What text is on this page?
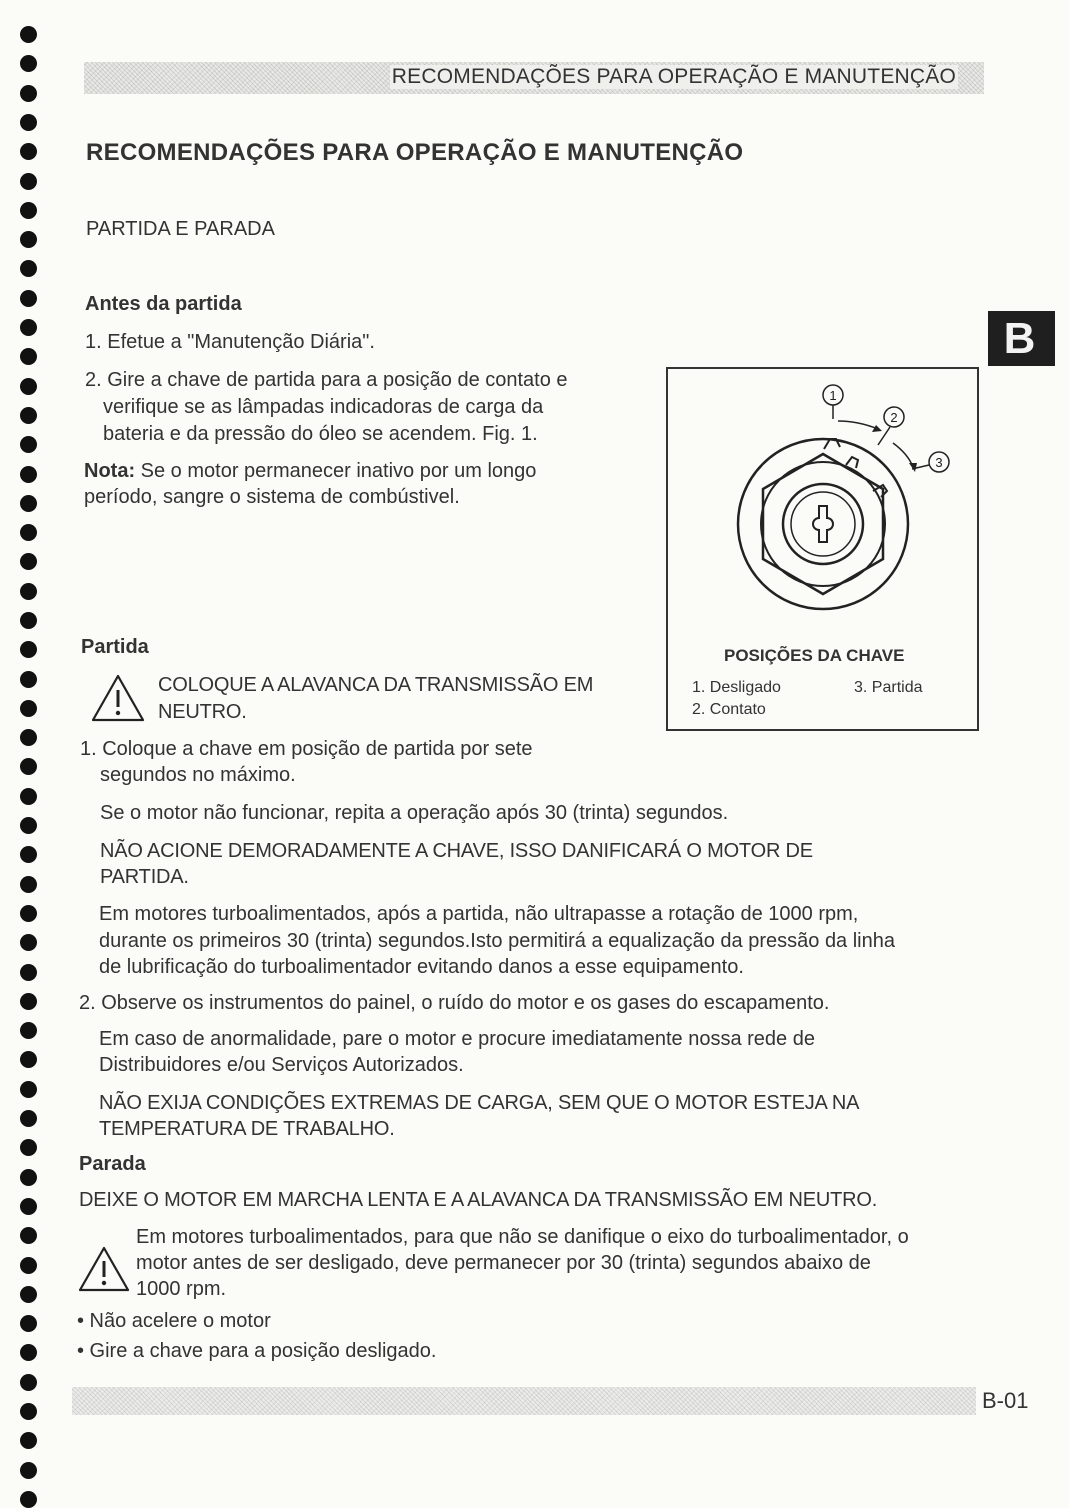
RECOMENDAÇÕES PARA OPERAÇÃO E MANUTENÇÃO
RECOMENDAÇÕES PARA OPERAÇÃO E MANUTENÇÃO
B

PARTIDA E PARADA

Antes da partida

1. Efetue a "Manutenção Diária".

2. Gire a chave de partida para a posição de contato e

verifique se as lâmpadas indicadoras de carga da

bateria e da pressão do óleo se acendem. Fig. 1.

Nota: Se o motor permanecer inativo por um longo

período, sangre o sistema de combústivel.

1
2
3
POSIÇÕES DA CHAVE
1. Desligado
2. Contato
3. Partida

Partida

COLOQUE A ALAVANCA DA TRANSMISSÃO EM

NEUTRO.

1. Coloque a chave em posição de partida por sete

segundos no máximo.

Se o motor não funcionar, repita a operação após 30 (trinta) segundos.

NÃO ACIONE DEMORADAMENTE A CHAVE, ISSO DANIFICARÁ O MOTOR DE

PARTIDA.

Em motores turboalimentados, após a partida, não ultrapasse a rotação de 1000 rpm,

durante os primeiros 30 (trinta) segundos.Isto permitirá a equalização da pressão da linha

de lubrificação do turboalimentador evitando danos a esse equipamento.

2. Observe os instrumentos do painel, o ruído do motor e os gases do escapamento.

Em caso de anormalidade, pare o motor e procure imediatamente nossa rede de

Distribuidores e/ou Serviços Autorizados.

NÃO EXIJA CONDIÇÕES EXTREMAS DE CARGA, SEM QUE O MOTOR ESTEJA NA

TEMPERATURA DE TRABALHO.

Parada

DEIXE O MOTOR EM MARCHA LENTA E A ALAVANCA DA TRANSMISSÃO EM NEUTRO.

Em motores turboalimentados, para que não se danifique o eixo do turboalimentador, o

motor antes de ser desligado, deve permanecer por 30 (trinta) segundos abaixo de

1000 rpm.

• Não acelere o motor

• Gire a chave para a posição desligado.

B-01
